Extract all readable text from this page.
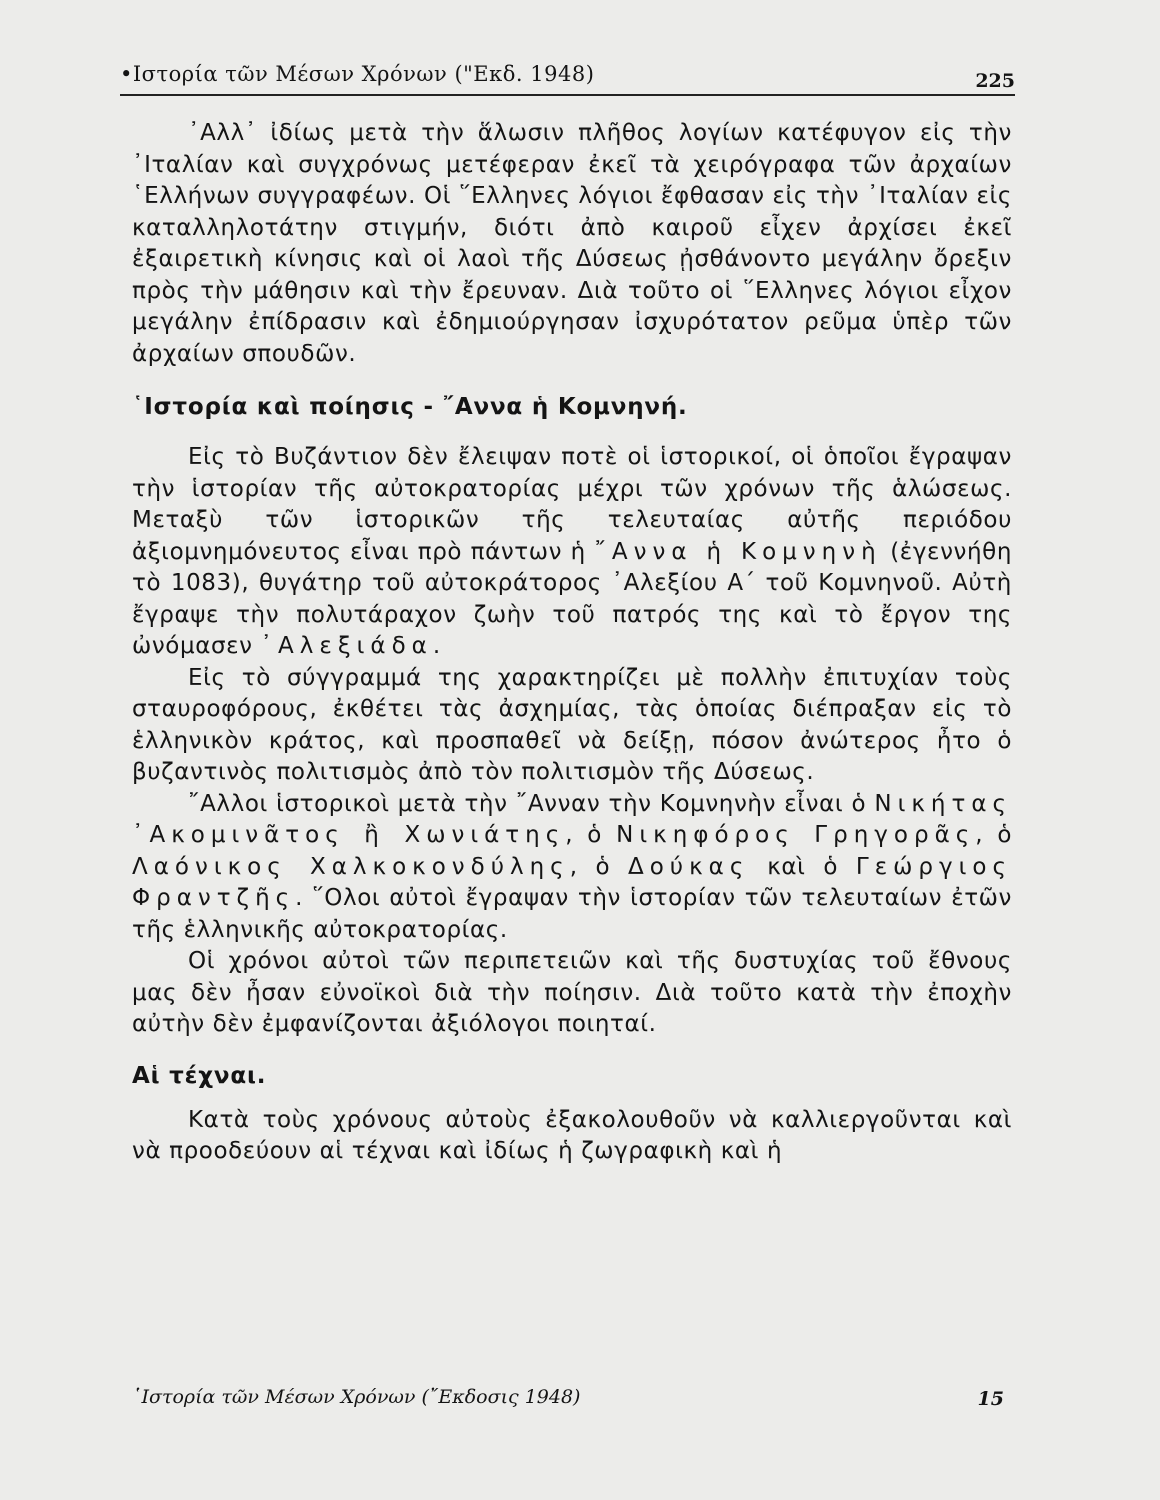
•Ιστορία τῶν Μέσων Χρόνων ("Εκδ. 1948)	225

᾿Αλλ᾿ ἰδίως μετὰ τὴν ἅλωσιν πλῆθος λογίων κατέφυγον εἰς τὴν ᾿Ιταλίαν καὶ συγχρόνως μετέφεραν ἐκεῖ τὰ χειρόγραφα τῶν ἀρχαίων ῾Ελλήνων συγγραφέων. Οἱ ῞Ελληνες λόγιοι ἔφθασαν εἰς τὴν ᾿Ιταλίαν εἰς καταλληλοτάτην στιγμήν, διότι ἀπὸ καιροῦ εἶχεν ἀρχίσει ἐκεῖ ἐξαιρετικὴ κίνησις καὶ οἱ λαοὶ τῆς Δύσεως ᾐσθάνοντο μεγάλην ὄρεξιν πρὸς τὴν μάθησιν καὶ τὴν ἔρευναν. Διὰ τοῦτο οἱ ῞Ελληνες λόγιοι εἶχον μεγάλην ἐπίδρασιν καὶ ἐδημιούργησαν ἰσχυρότατον ρεῦμα ὑπὲρ τῶν ἀρχαίων σπουδῶν.

῾Ιστορία καὶ ποίησις - ῎Αννα ἡ Κομνηνή.

Εἰς τὸ Βυζάντιον δὲν ἔλειψαν ποτὲ οἱ ἱστορικοί, οἱ ὁποῖοι ἔγραψαν τὴν ἱστορίαν τῆς αὐτοκρατορίας μέχρι τῶν χρόνων τῆς ἁλώσεως. Μεταξὺ τῶν ἱστορικῶν τῆς τελευταίας αὐτῆς περιόδου ἀξιομνημόνευτος εἶναι πρὸ πάντων ἡ ῎Αννα ἡ Κομνηνὴ (ἐγεννήθη τὸ 1083), θυγάτηρ τοῦ αὐτοκράτορος ᾿Αλεξίου Α΄ τοῦ Κομνηνοῦ. Αὐτὴ ἔγραψε τὴν πολυτάραχον ζωὴν τοῦ πατρός της καὶ τὸ ἔργον της ὠνόμασεν ᾿Αλεξιάδα.

Εἰς τὸ σύγγραμμά της χαρακτηρίζει μὲ πολλὴν ἐπιτυχίαν τοὺς σταυροφόρους, ἐκθέτει τὰς ἀσχημίας, τὰς ὁποίας διέπραξαν εἰς τὸ ἑλληνικὸν κράτος, καὶ προσπαθεῖ νὰ δείξῃ, πόσον ἀνώτερος ἦτο ὁ βυζαντινὸς πολιτισμὸς ἀπὸ τὸν πολιτισμὸν τῆς Δύσεως.

῎Αλλοι ἱστορικοὶ μετὰ τὴν ῎Ανναν τὴν Κομνηνὴν εἶναι ὁ Νικήτας ᾿Ακομινᾶτος ἢ Χωνιάτης, ὁ Νικηφόρος Γρηγορᾶς, ὁ Λαόνικος Χαλκοκονδύλης, ὁ Δούκας καὶ ὁ Γεώργιος Φραντζῆς. ῞Ολοι αὐτοὶ ἔγραψαν τὴν ἱστορίαν τῶν τελευταίων ἐτῶν τῆς ἑλληνικῆς αὐτοκρατορίας.

Οἱ χρόνοι αὐτοὶ τῶν περιπετειῶν καὶ τῆς δυστυχίας τοῦ ἔθνους μας δὲν ἦσαν εὐνοϊκοὶ διὰ τὴν ποίησιν. Διὰ τοῦτο κατὰ τὴν ἐποχὴν αὐτὴν δὲν ἐμφανίζονται ἀξιόλογοι ποιηταί.

Αἱ τέχναι.

Κατὰ τοὺς χρόνους αὐτοὺς ἐξακολουθοῦν νὰ καλλιεργοῦνται καὶ νὰ προοδεύουν αἱ τέχναι καὶ ἰδίως ἡ ζωγραφικὴ καὶ ἡ

῾Ιστορία τῶν Μέσων Χρόνων (῎Εκδοσις 1948)	15
